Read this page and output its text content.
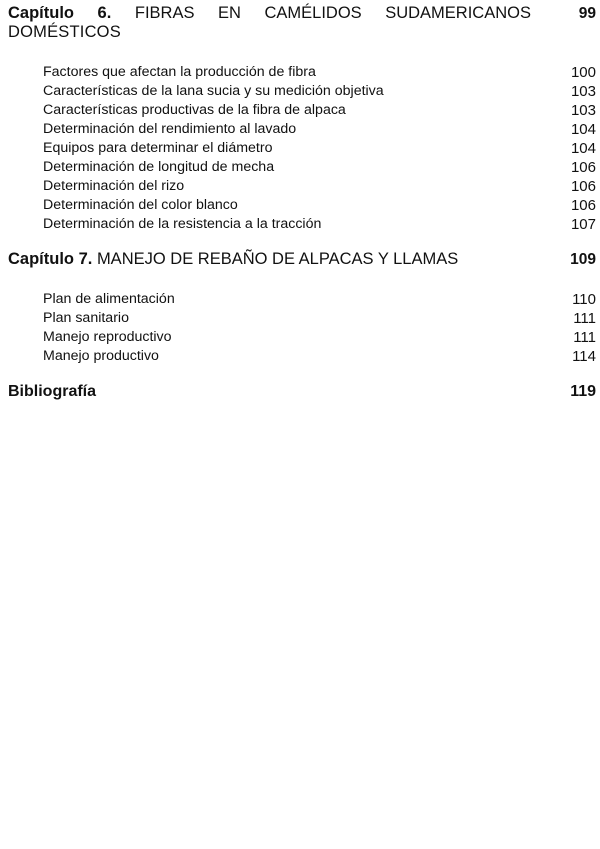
Capítulo 6. FIBRAS EN CAMÉLIDOS SUDAMERICANOS	99
DOMÉSTICOS
Factores que afectan la producción de fibra	100
Características de la lana sucia y su medición objetiva	103
Características productivas de la fibra de alpaca	103
Determinación del rendimiento al lavado	104
Equipos para determinar el diámetro	104
Determinación de longitud de mecha	106
Determinación del rizo	106
Determinación del color blanco	106
Determinación de la resistencia a la tracción	107
Capítulo 7. MANEJO DE REBAÑO DE ALPACAS Y LLAMAS	109
Plan de alimentación	110
Plan sanitario	111
Manejo reproductivo	111
Manejo productivo	114
Bibliografía	119
